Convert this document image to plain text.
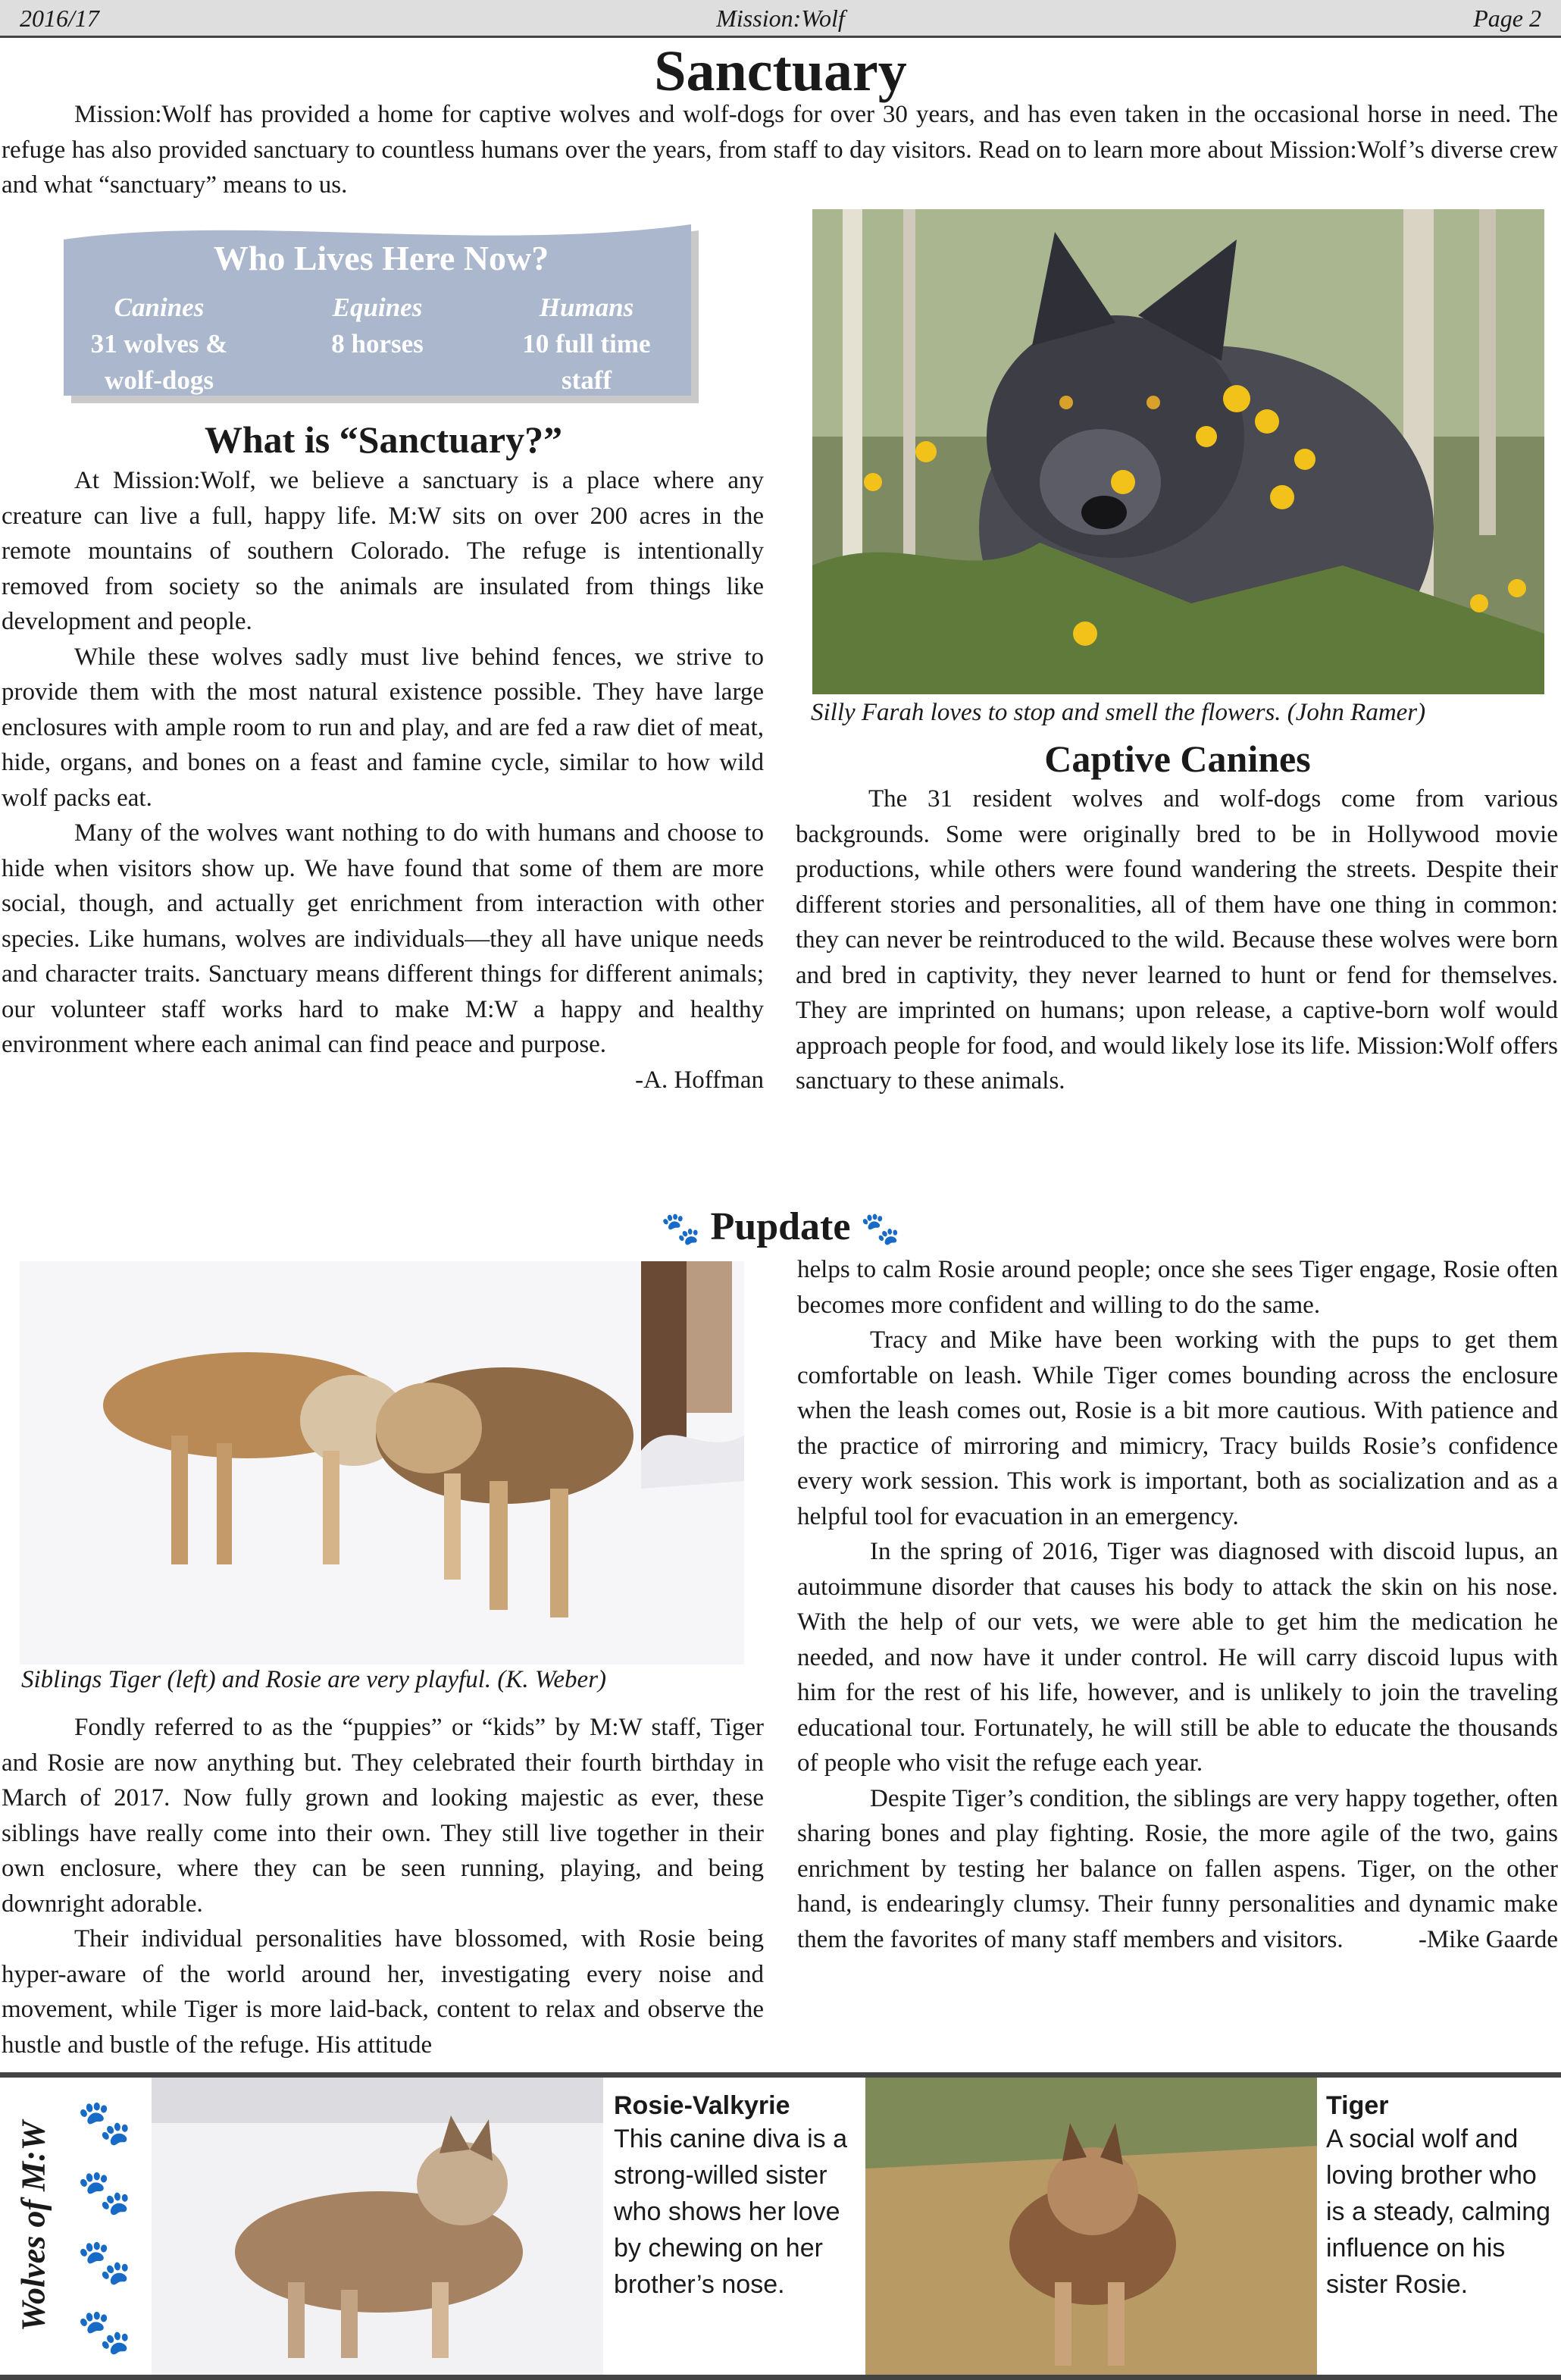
2016/17	Mission:Wolf	Page 2
Sanctuary

Mission:Wolf has provided a home for captive wolves and wolf-dogs for over 30 years, and has even taken in the occasional horse in need. The refuge has also provided sanctuary to countless humans over the years, from staff to day visitors. Read on to learn more about Mission:Wolf’s diverse crew and what “sanctuary” means to us.

Who Lives Here Now?
Canines
31 wolves & wolf-dogs
Equines
8 horses
Humans
10 full time staff
What is “Sanctuary?”

At Mission:Wolf, we believe a sanctuary is a place where any creature can live a full, happy life. M:W sits on over 200 acres in the remote mountains of southern Colorado. The refuge is intentionally removed from society so the animals are insulated from things like development and people.

While these wolves sadly must live behind fences, we strive to provide them with the most natural existence possible. They have large enclosures with ample room to run and play, and are fed a raw diet of meat, hide, organs, and bones on a feast and famine cycle, similar to how wild wolf packs eat.

Many of the wolves want nothing to do with humans and choose to hide when visitors show up. We have found that some of them are more social, though, and actually get enrichment from interaction with other species. Like humans, wolves are individuals—they all have unique needs and character traits. Sanctuary means different things for different animals; our volunteer staff works hard to make M:W a happy and healthy environment where each animal can find peace and purpose.

-A. Hoffman
Silly Farah loves to stop and smell the flowers. (John Ramer)
Captive Canines

The 31 resident wolves and wolf-dogs come from various backgrounds. Some were originally bred to be in Hollywood movie productions, while others were found wandering the streets. Despite their different stories and personalities, all of them have one thing in common: they can never be reintroduced to the wild. Because these wolves were born and bred in captivity, they never learned to hunt or fend for themselves. They are imprinted on humans; upon release, a captive-born wolf would approach people for food, and would likely lose its life. Mission:Wolf offers sanctuary to these animals.

🐾 Pupdate 🐾
Siblings Tiger (left) and Rosie are very playful. (K. Weber)

Fondly referred to as the “puppies” or “kids” by M:W staff, Tiger and Rosie are now anything but. They celebrated their fourth birthday in March of 2017. Now fully grown and looking majestic as ever, these siblings have really come into their own. They still live together in their own enclosure, where they can be seen running, playing, and being downright adorable.

Their individual personalities have blossomed, with Rosie being hyper-aware of the world around her, investigating every noise and movement, while Tiger is more laid-back, content to relax and observe the hustle and bustle of the refuge. His attitude

helps to calm Rosie around people; once she sees Tiger engage, Rosie often becomes more confident and willing to do the same.

Tracy and Mike have been working with the pups to get them comfortable on leash. While Tiger comes bounding across the enclosure when the leash comes out, Rosie is a bit more cautious. With patience and the practice of mirroring and mimicry, Tracy builds Rosie’s confidence every work session. This work is important, both as socialization and as a helpful tool for evacuation in an emergency.

In the spring of 2016, Tiger was diagnosed with discoid lupus, an autoimmune disorder that causes his body to attack the skin on his nose. With the help of our vets, we were able to get him the medication he needed, and now have it under control. He will carry discoid lupus with him for the rest of his life, however, and is unlikely to join the traveling educational tour. Fortunately, he will still be able to educate the thousands of people who visit the refuge each year.

Despite Tiger’s condition, the siblings are very happy together, often sharing bones and play fighting. Rosie, the more agile of the two, gains enrichment by testing her balance on fallen aspens. Tiger, on the other hand, is endearingly clumsy. Their funny personalities and dynamic make them the favorites of many staff members and visitors.	-Mike Gaarde

Wolves of M:W 🐾
🐾
🐾
🐾
Rosie-Valkyrie
This canine diva is a strong-willed sister who shows her love by chewing on her brother’s nose.
Tiger
A social wolf and loving brother who is a steady, calming influence on his sister Rosie.
